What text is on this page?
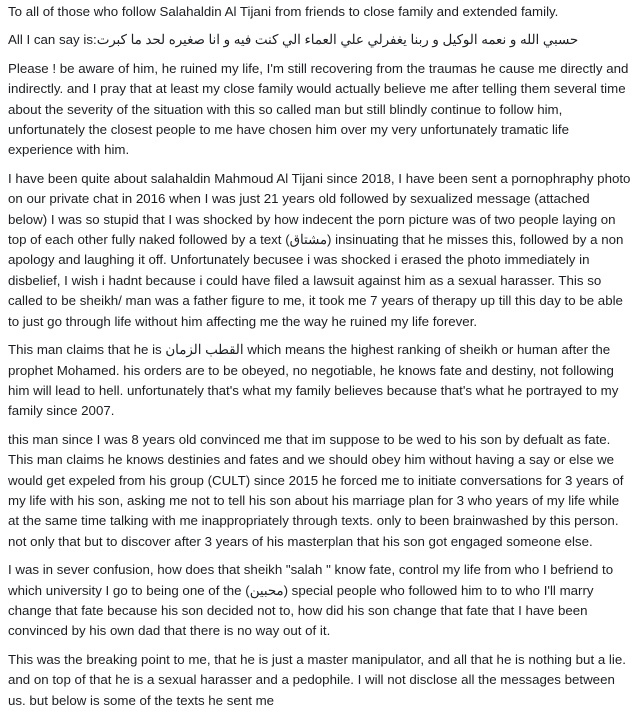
To all of those who follow Salahaldin Al Tijani from friends to close family and extended family.

All I can say is:حسبي الله و نعمه الوكيل و ربنا يغفرلي علي العماء الي كنت فيه و انا صغيره لحد ما كبرت

Please ! be aware of him, he ruined my life, I'm still recovering from the traumas he cause me directly and indirectly. and I pray that at least my close family would actually believe me after telling them several time about the severity of the situation with this so called man but still blindly continue to follow him, unfortunately the closest people to me have chosen him over my very unfortunately tramatic life experience with him.

I have been quite about salahaldin Mahmoud Al Tijani since 2018, I have been sent a pornophraphy photo on our private chat in 2016 when I was just 21 years old followed by sexualized message (attached below) I was so stupid that I was shocked by how indecent the porn picture was of two people laying on top of each other fully naked followed by a text (مشتاق) insinuating that he misses this, followed by a non apology and laughing it off. Unfortunately becusee i was shocked i erased the photo immediately in disbelief, I wish i hadnt because i could have filed a lawsuit against him as a sexual harasser. This so called to be sheikh/ man was a father figure to me, it took me 7 years of therapy up till this day to be able to just go through life without him affecting me the way he ruined my life forever.

This man claims that he is القطب الزمان which means the highest ranking of sheikh or human after the prophet Mohamed. his orders are to be obeyed, no negotiable, he knows fate and destiny, not following him will lead to hell. unfortunately that's what my family believes because that's what he portrayed to my family since 2007.

this man since I was 8 years old convinced me that im suppose to be wed to his son by defualt as fate. This man claims he knows destinies and fates and we should obey him without having a say or else we would get expeled from his group (CULT) since 2015 he forced me to initiate conversations for 3 years of my life with his son, asking me not to tell his son about his marriage plan for 3 who years of my life while at the same time talking with me inappropriately through texts. only to been brainwashed by this person. not only that but to discover after 3 years of his masterplan that his son got engaged someone else.

I was in sever confusion, how does that sheikh "salah " know fate, control my life from who I befriend to which university I go to being one of the (محبين) special people who followed him to to who I'll marry change that fate because his son decided not to, how did his son change that fate that I have been convinced by his own dad that there is no way out of it.

This was the breaking point to me, that he is just a master manipulator, and all that he is nothing but a lie. and on top of that he is a sexual harasser and a pedophile. I will not disclose all the messages between us. but below is some of the texts he sent me
